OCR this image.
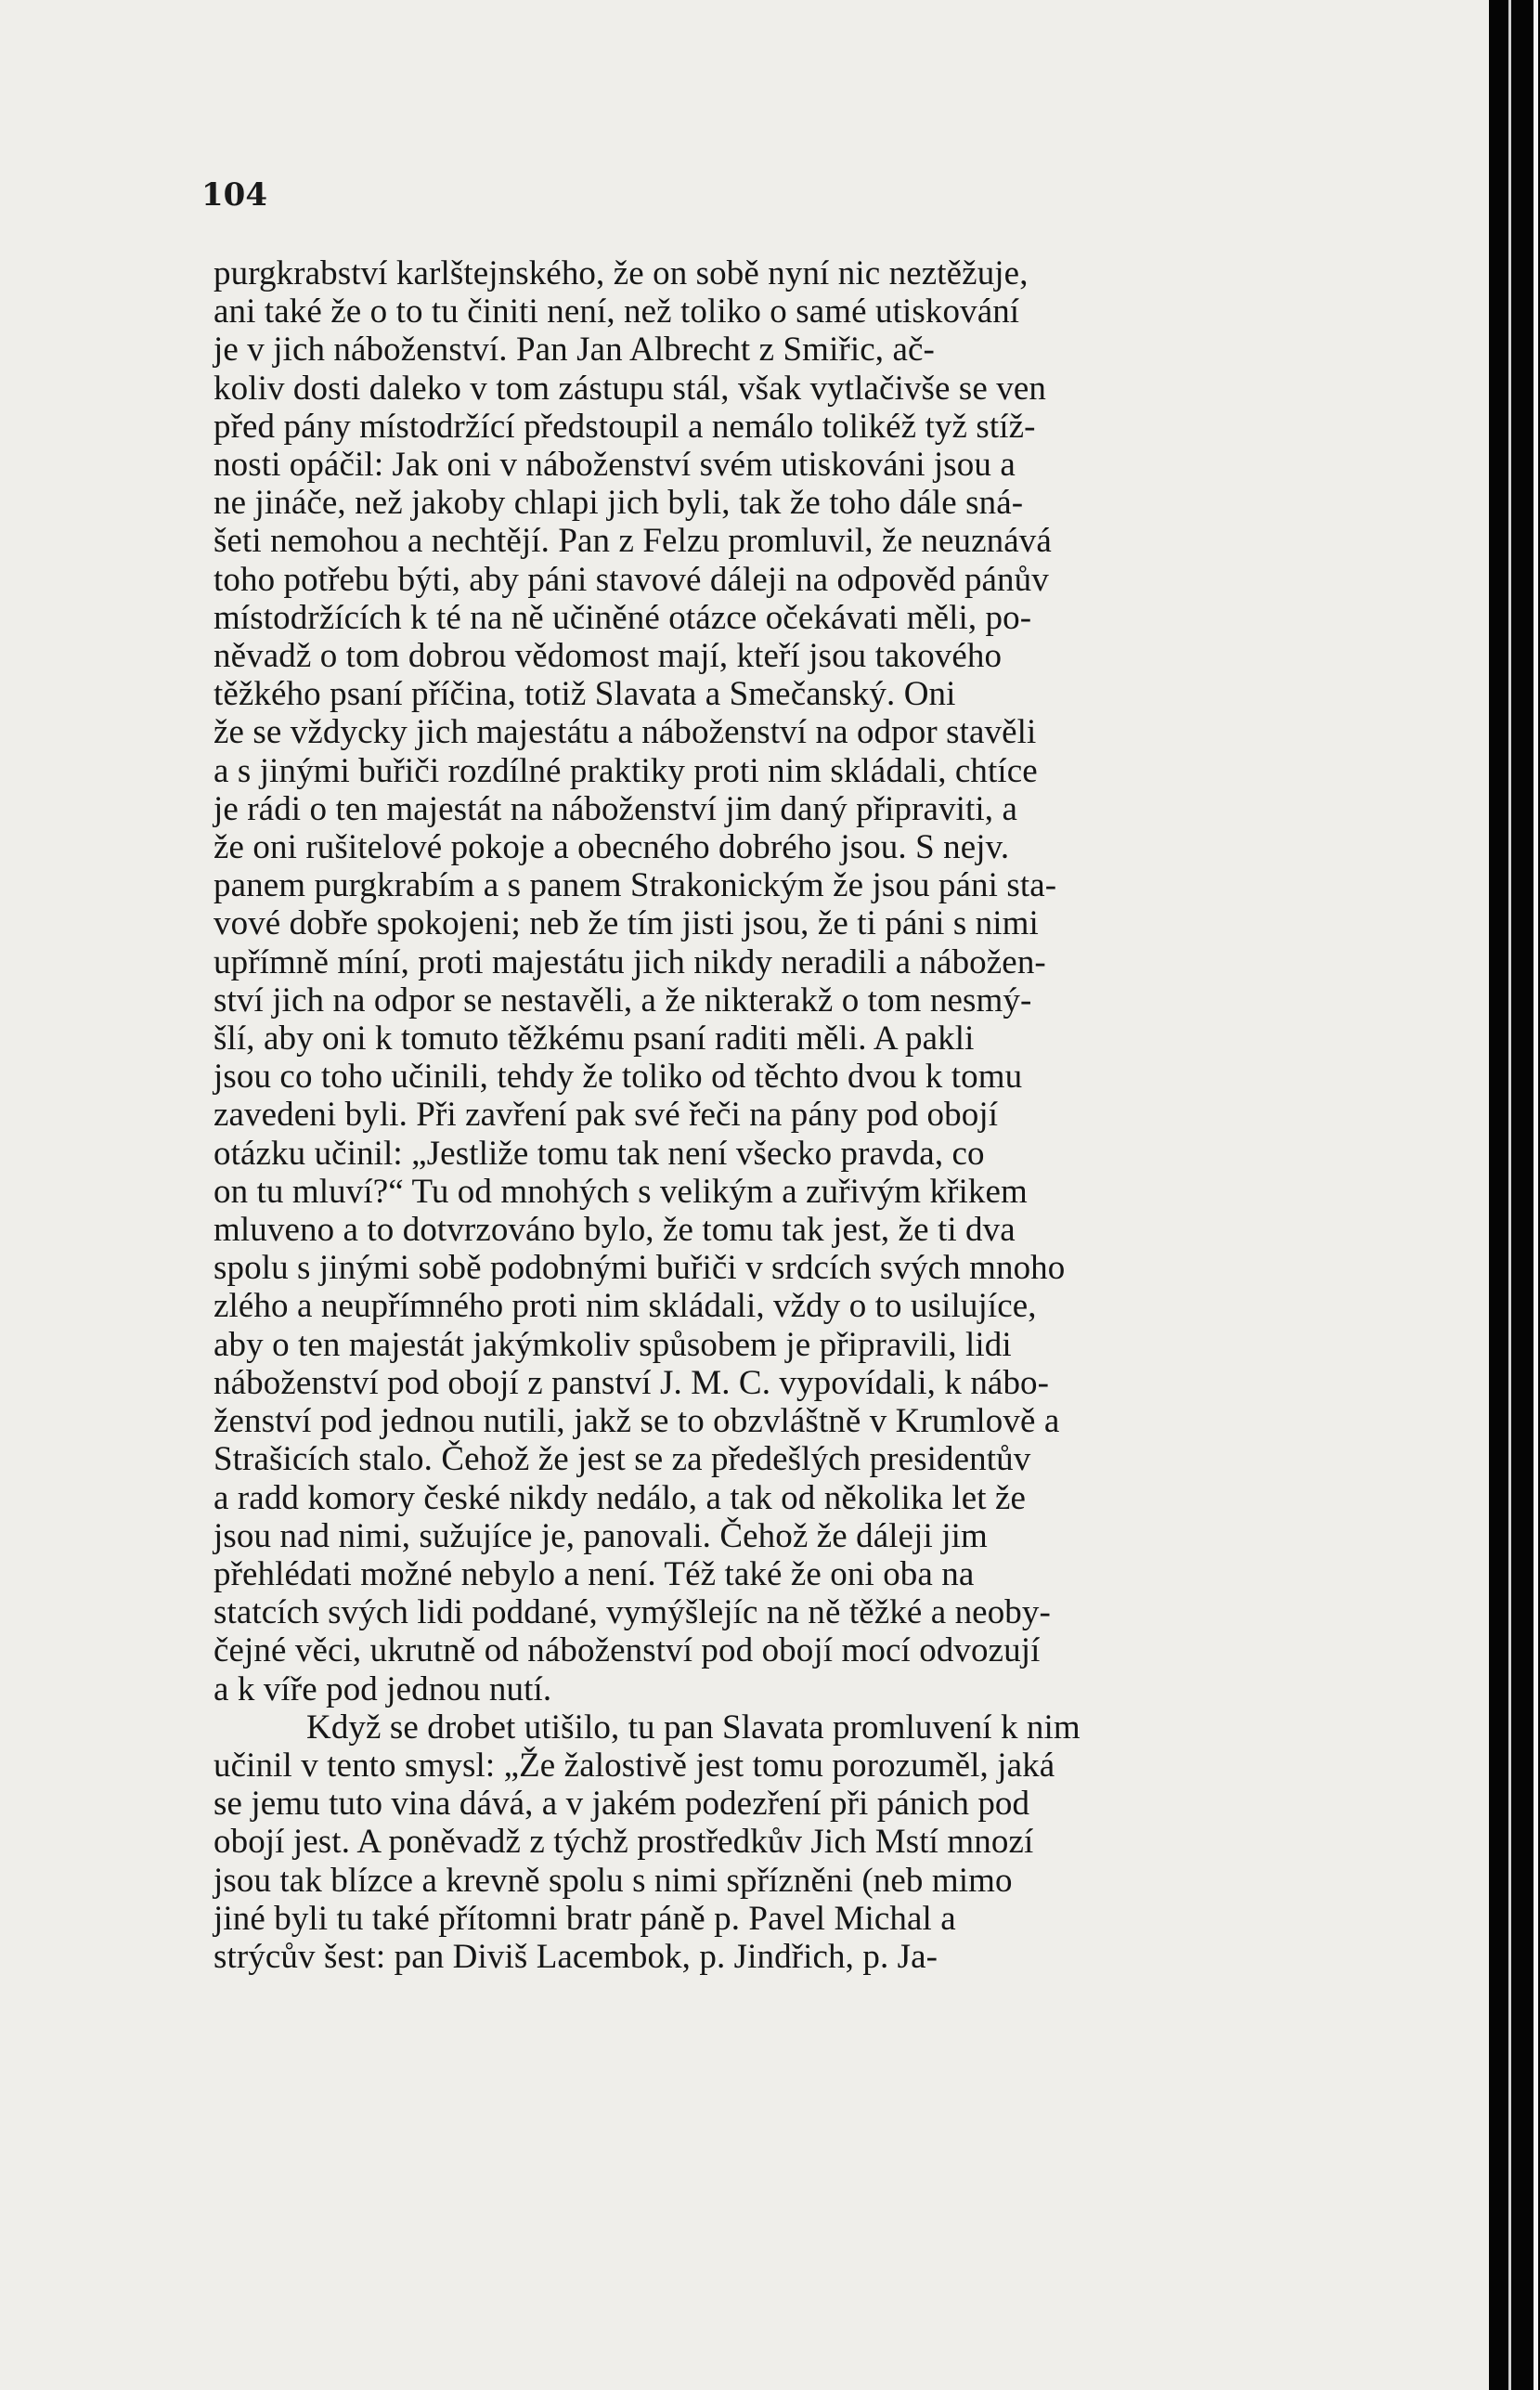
104
purgkrabství karlštejnského, že on sobě nyní nic neztěžuje,
ani také že o to tu činiti není, než toliko o samé utiskování
je v jich náboženství. Pan Jan Albrecht z Smiřic, ač-
koliv dosti daleko v tom zástupu stál, však vytlačivše se ven
před pány místodržící předstoupil a nemálo tolikéž tyž stíž-
nosti opáčil: Jak oni v náboženství svém utiskováni jsou a
ne jináče, než jakoby chlapi jich byli, tak že toho dále sná-
šeti nemohou a nechtějí. Pan z Felzu promluvil, že neuznává
toho potřebu býti, aby páni stavové dáleji na odpověd pánův
místodržících k té na ně učiněné otázce očekávati měli, po-
něvadž o tom dobrou vědomost mají, kteří jsou takového
těžkého psaní příčina, totiž Slavata a Smečanský. Oni
že se vždycky jich majestátu a náboženství na odpor stavěli
a s jinými buřiči rozdílné praktiky proti nim skládali, chtíce
je rádi o ten majestát na náboženství jim daný připraviti, a
že oni rušitelové pokoje a obecného dobrého jsou. S nejv.
panem purgkrabím a s panem Strakonickým že jsou páni sta-
vové dobře spokojeni; neb že tím jisti jsou, že ti páni s nimi
upřímně míní, proti majestátu jich nikdy neradili a nábožen-
ství jich na odpor se nestavěli, a že nikterakž o tom nesmý-
šlí, aby oni k tomuto těžkému psaní raditi měli. A pakli
jsou co toho učinili, tehdy že toliko od těchto dvou k tomu
zavedeni byli. Při zavření pak své řeči na pány pod obojí
otázku učinil: „Jestliže tomu tak není všecko pravda, co
on tu mluví?“ Tu od mnohých s velikým a zuřivým křikem
mluveno a to dotvrzováno bylo, že tomu tak jest, že ti dva
spolu s jinými sobě podobnými buřiči v srdcích svých mnoho
zlého a neupřímného proti nim skládali, vždy o to usilujíce,
aby o ten majestát jakýmkoliv spůsobem je připravili, lidi
náboženství pod obojí z panství J. M. C. vypovídali, k nábo-
ženství pod jednou nutili, jakž se to obzvláštně v Krumlově a
Strašicích stalo. Čehož že jest se za předešlých presidentův
a radd komory české nikdy nedálo, a tak od několika let že
jsou nad nimi, sužujíce je, panovali. Čehož že dáleji jim
přehlédati možné nebylo a není. Též také že oni oba na
statcích svých lidi poddané, vymýšlejíc na ně těžké a neoby-
čejné věci, ukrutně od náboženství pod obojí mocí odvozují
a k víře pod jednou nutí.
Když se drobet utišilo, tu pan Slavata promluvení k nim
učinil v tento smysl: „Že žalostivě jest tomu porozuměl, jaká
se jemu tuto vina dává, a v jakém podezření při pánich pod
obojí jest. A poněvadž z týchž prostředkův Jich Mstí mnozí
jsou tak blízce a krevně spolu s nimi spřízněni (neb mimo
jiné byli tu také přítomni bratr páně p. Pavel Michal a
strýcův šest: pan Diviš Lacembok, p. Jindřich, p. Ja-
